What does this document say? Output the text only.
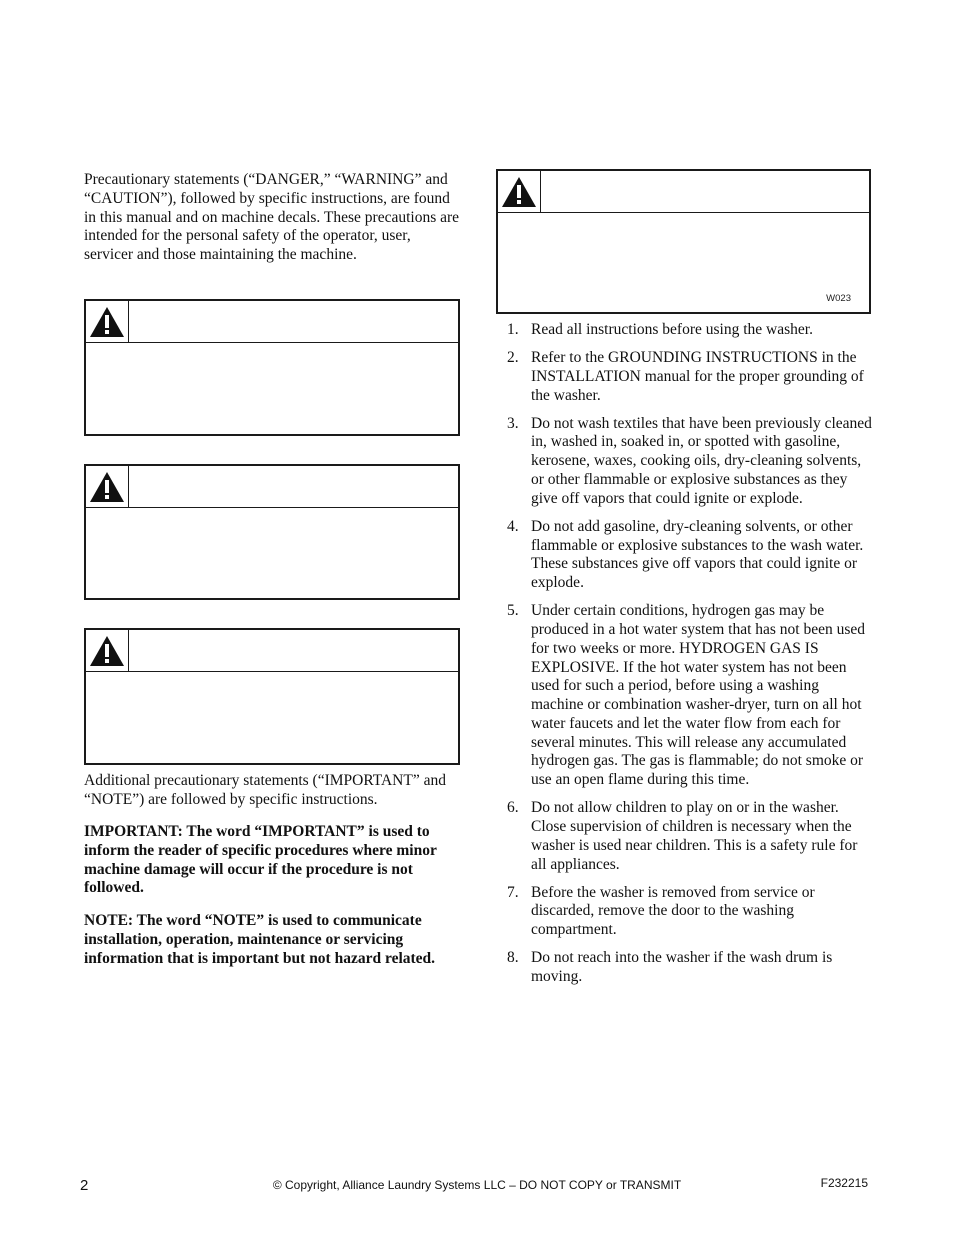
Precautionary statements (“DANGER,” “WARNING” and “CAUTION”), followed by specific instructions, are found in this manual and on machine decals. These precautions are intended for the personal safety of the operator, user, servicer and those maintaining the machine.
Additional precautionary statements (“IMPORTANT” and “NOTE”) are followed by specific instructions.
IMPORTANT: The word “IMPORTANT” is used to inform the reader of specific procedures where minor machine damage will occur if the procedure is not followed.
NOTE: The word “NOTE” is used to communicate installation, operation, maintenance or servicing information that is important but not hazard related.
W023
1. Read all instructions before using the washer.
2. Refer to the GROUNDING INSTRUCTIONS in the INSTALLATION manual for the proper grounding of the washer.
3. Do not wash textiles that have been previously cleaned in, washed in, soaked in, or spotted with gasoline, kerosene, waxes, cooking oils, dry-cleaning solvents, or other flammable or explosive substances as they give off vapors that could ignite or explode.
4. Do not add gasoline, dry-cleaning solvents, or other flammable or explosive substances to the wash water. These substances give off vapors that could ignite or explode.
5. Under certain conditions, hydrogen gas may be produced in a hot water system that has not been used for two weeks or more. HYDROGEN GAS IS EXPLOSIVE. If the hot water system has not been used for such a period, before using a washing machine or combination washer-dryer, turn on all hot water faucets and let the water flow from each for several minutes. This will release any accumulated hydrogen gas. The gas is flammable; do not smoke or use an open flame during this time.
6. Do not allow children to play on or in the washer. Close supervision of children is necessary when the washer is used near children. This is a safety rule for all appliances.
7. Before the washer is removed from service or discarded, remove the door to the washing compartment.
8. Do not reach into the washer if the wash drum is moving.
2	© Copyright, Alliance Laundry Systems LLC – DO NOT COPY or TRANSMIT	F232215
